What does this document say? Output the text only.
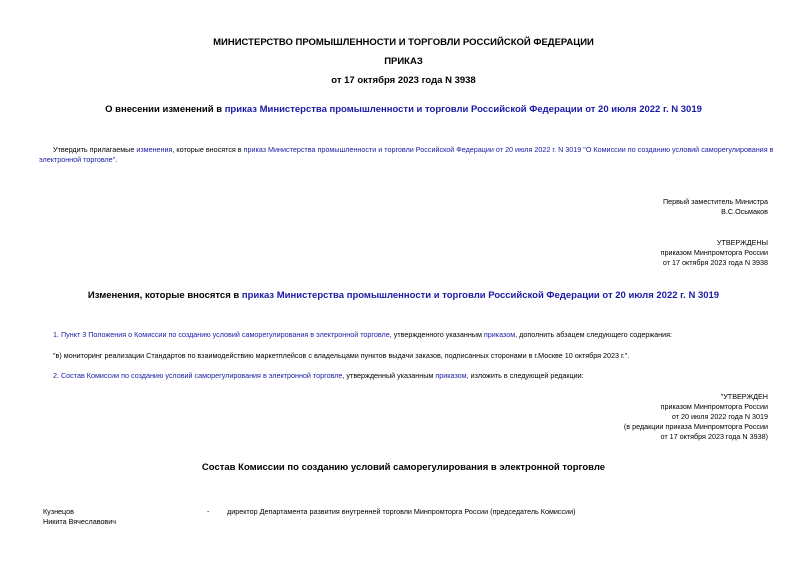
МИНИСТЕРСТВО ПРОМЫШЛЕННОСТИ И ТОРГОВЛИ РОССИЙСКОЙ ФЕДЕРАЦИИ
ПРИКАЗ
от 17 октября 2023 года N 3938
О внесении изменений в приказ Министерства промышленности и торговли Российской Федерации от 20 июля 2022 г. N 3019
Утвердить прилагаемые изменения, которые вносятся в приказ Министерства промышленности и торговли Российской Федерации от 20 июля 2022 г. N 3019 "О Комиссии по созданию условий саморегулирования в электронной торговле".
Первый заместитель Министра
В.С.Осьмаков
УТВЕРЖДЕНЫ
приказом Минпромторга России
от 17 октября 2023 года N 3938
Изменения, которые вносятся в приказ Министерства промышленности и торговли Российской Федерации от 20 июля 2022 г. N 3019
1. Пункт 3 Положения о Комиссии по созданию условий саморегулирования в электронной торговле, утвержденного указанным приказом, дополнить абзацем следующего содержания:
"в) мониторинг реализации Стандартов по взаимодействию маркетплейсов с владельцами пунктов выдачи заказов, подписанных сторонами в г.Москве 10 октября 2023 г.".
2. Состав Комиссии по созданию условий саморегулирования в электронной торговле, утвержденный указанным приказом, изложить в следующей редакции:
"УТВЕРЖДЕН
приказом Минпромторга России
от 20 июля 2022 года N 3019
(в редакции приказа Минпромторга России
от 17 октября 2023 года N 3938)
Состав Комиссии по созданию условий саморегулирования в электронной торговле
Кузнецов
Никита Вячеславович
- директор Департамента развития внутренней торговли Минпромторга России (председатель Комиссии)
